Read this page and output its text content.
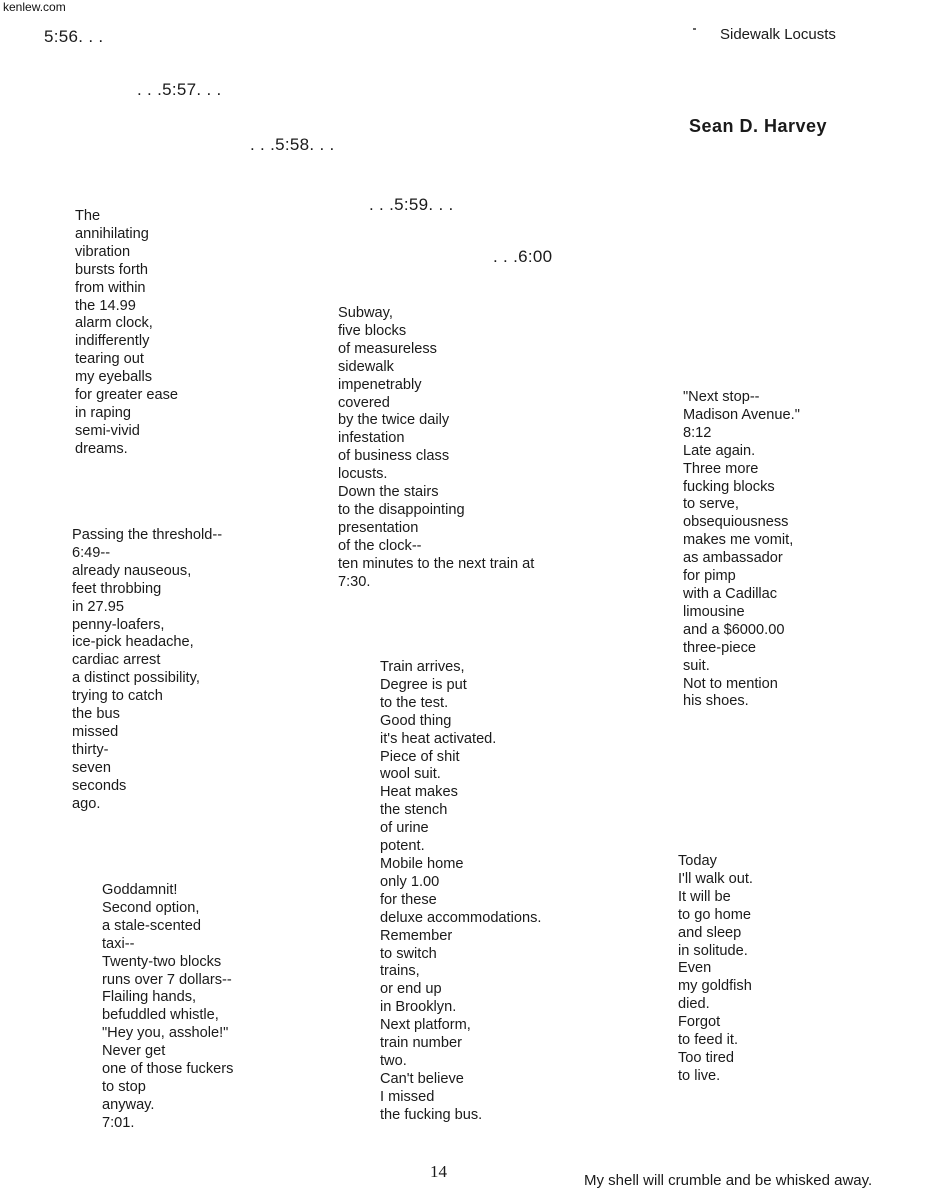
kenlew.com
Sidewalk Locusts
Sean D. Harvey
5:56. . .
. . .5:57. . .
. . .5:58. . .
. . .5:59. . .
. . .6:00
The
annihilating
vibration
bursts forth
from within
the 14.99
alarm clock,
indifferently
tearing out
my eyeballs
for greater ease
in raping
semi-vivid
dreams.
Subway,
five blocks
of measureless
sidewalk
impenetrably
covered
by the twice daily
infestation
of business class
locusts.
Down the stairs
to the disappointing
presentation
of the clock--
ten minutes to the next train at
7:30.
"Next stop--
Madison Avenue."
8:12
Late again.
Three more
fucking blocks
to serve,
obsequiousness
makes me vomit,
as ambassador
for pimp
with a Cadillac
limousine
and a $6000.00
three-piece
suit.
Not to mention
his shoes.
Passing the threshold--
6:49--
already nauseous,
feet throbbing
in 27.95
penny-loafers,
ice-pick headache,
cardiac arrest
a distinct possibility,
trying to catch
the bus
missed
thirty-
seven
seconds
ago.
Train arrives,
Degree is put
to the test.
Good thing
it's heat activated.
Piece of shit
wool suit.
Heat makes
the stench
of urine
potent.
Mobile home
only 1.00
for these
deluxe accommodations.
Remember
to switch
trains,
or end up
in Brooklyn.
Next platform,
train number
two.
Can't believe
I missed
the fucking bus.
Goddamnit!
Second option,
a stale-scented
taxi--
Twenty-two blocks
runs over 7 dollars--
Flailing hands,
befuddled whistle,
"Hey you, asshole!"
Never get
one of those fuckers
to stop
anyway.
7:01.
Today
I'll walk out.
It will be
to go home
and sleep
in solitude.
Even
my goldfish
died.
Forgot
to feed it.
Too tired
to live.
14	My shell will crumble and be whisked away.
